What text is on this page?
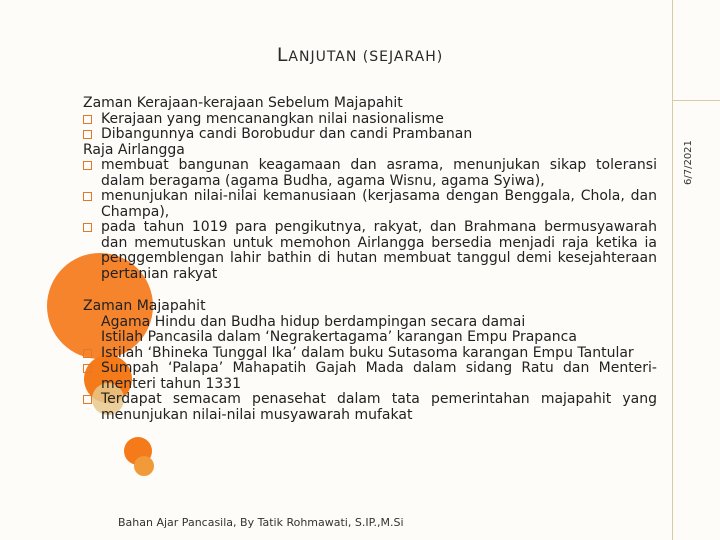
6/7/2021
LANJUTAN (SEJARAH)

Zaman Kerajaan-kerajaan Sebelum Majapahit

Kerajaan yang mencanangkan nilai nasionalisme

Dibangunnya candi Borobudur dan candi Prambanan

Raja Airlangga

membuat bangunan keagamaan dan asrama, menunjukan sikap toleransi dalam beragama (agama Budha, agama Wisnu, agama Syiwa),

menunjukan nilai-nilai kemanusiaan (kerjasama dengan Benggala, Chola, dan Champa),

pada tahun 1019 para pengikutnya, rakyat, dan Brahmana bermusyawarah dan memutuskan untuk memohon Airlangga bersedia menjadi raja ketika ia penggemblengan lahir bathin di hutan membuat tanggul demi kesejahteraan pertanian rakyat

Zaman Majapahit

Agama Hindu dan Budha hidup berdampingan secara damai

Istilah Pancasila dalam ‘Negrakertagama’ karangan Empu Prapanca

Istilah ‘Bhineka Tunggal Ika’ dalam buku Sutasoma karangan Empu Tantular

Sumpah ‘Palapa’ Mahapatih Gajah Mada dalam sidang Ratu dan Menteri-menteri tahun 1331

Terdapat semacam penasehat dalam tata pemerintahan majapahit yang menunjukan nilai-nilai musyawarah mufakat

Bahan Ajar Pancasila, By Tatik Rohmawati, S.IP.,M.Si
